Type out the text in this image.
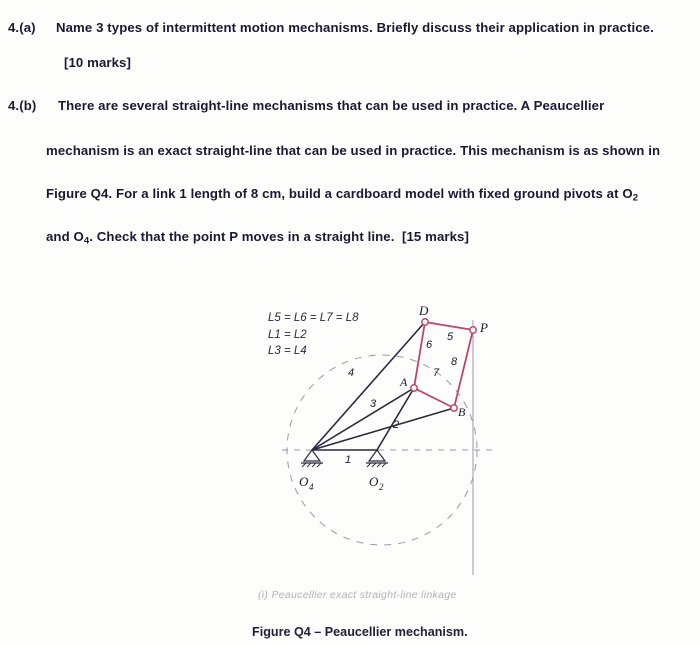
4.(a)	Name 3 types of intermittent motion mechanisms. Briefly discuss their application in practice.
[10 marks]
4.(b)	There are several straight-line mechanisms that can be used in practice. A Peaucellier
mechanism is an exact straight-line that can be used in practice. This mechanism is as shown in
Figure Q4. For a link 1 length of 8 cm, build a cardboard model with fixed ground pivots at $O_2$
and $O_4$. Check that the point P moves in a straight line. [15 marks]
L5 = L6 = L7 = L8
L1 = L2
L3 = L4
D
P
A
B
O 4	O 2
1
2
3
4
5
6
7
8
(i) Peaucellier exact straight-line linkage
Figure Q4 – Peaucellier mechanism.
